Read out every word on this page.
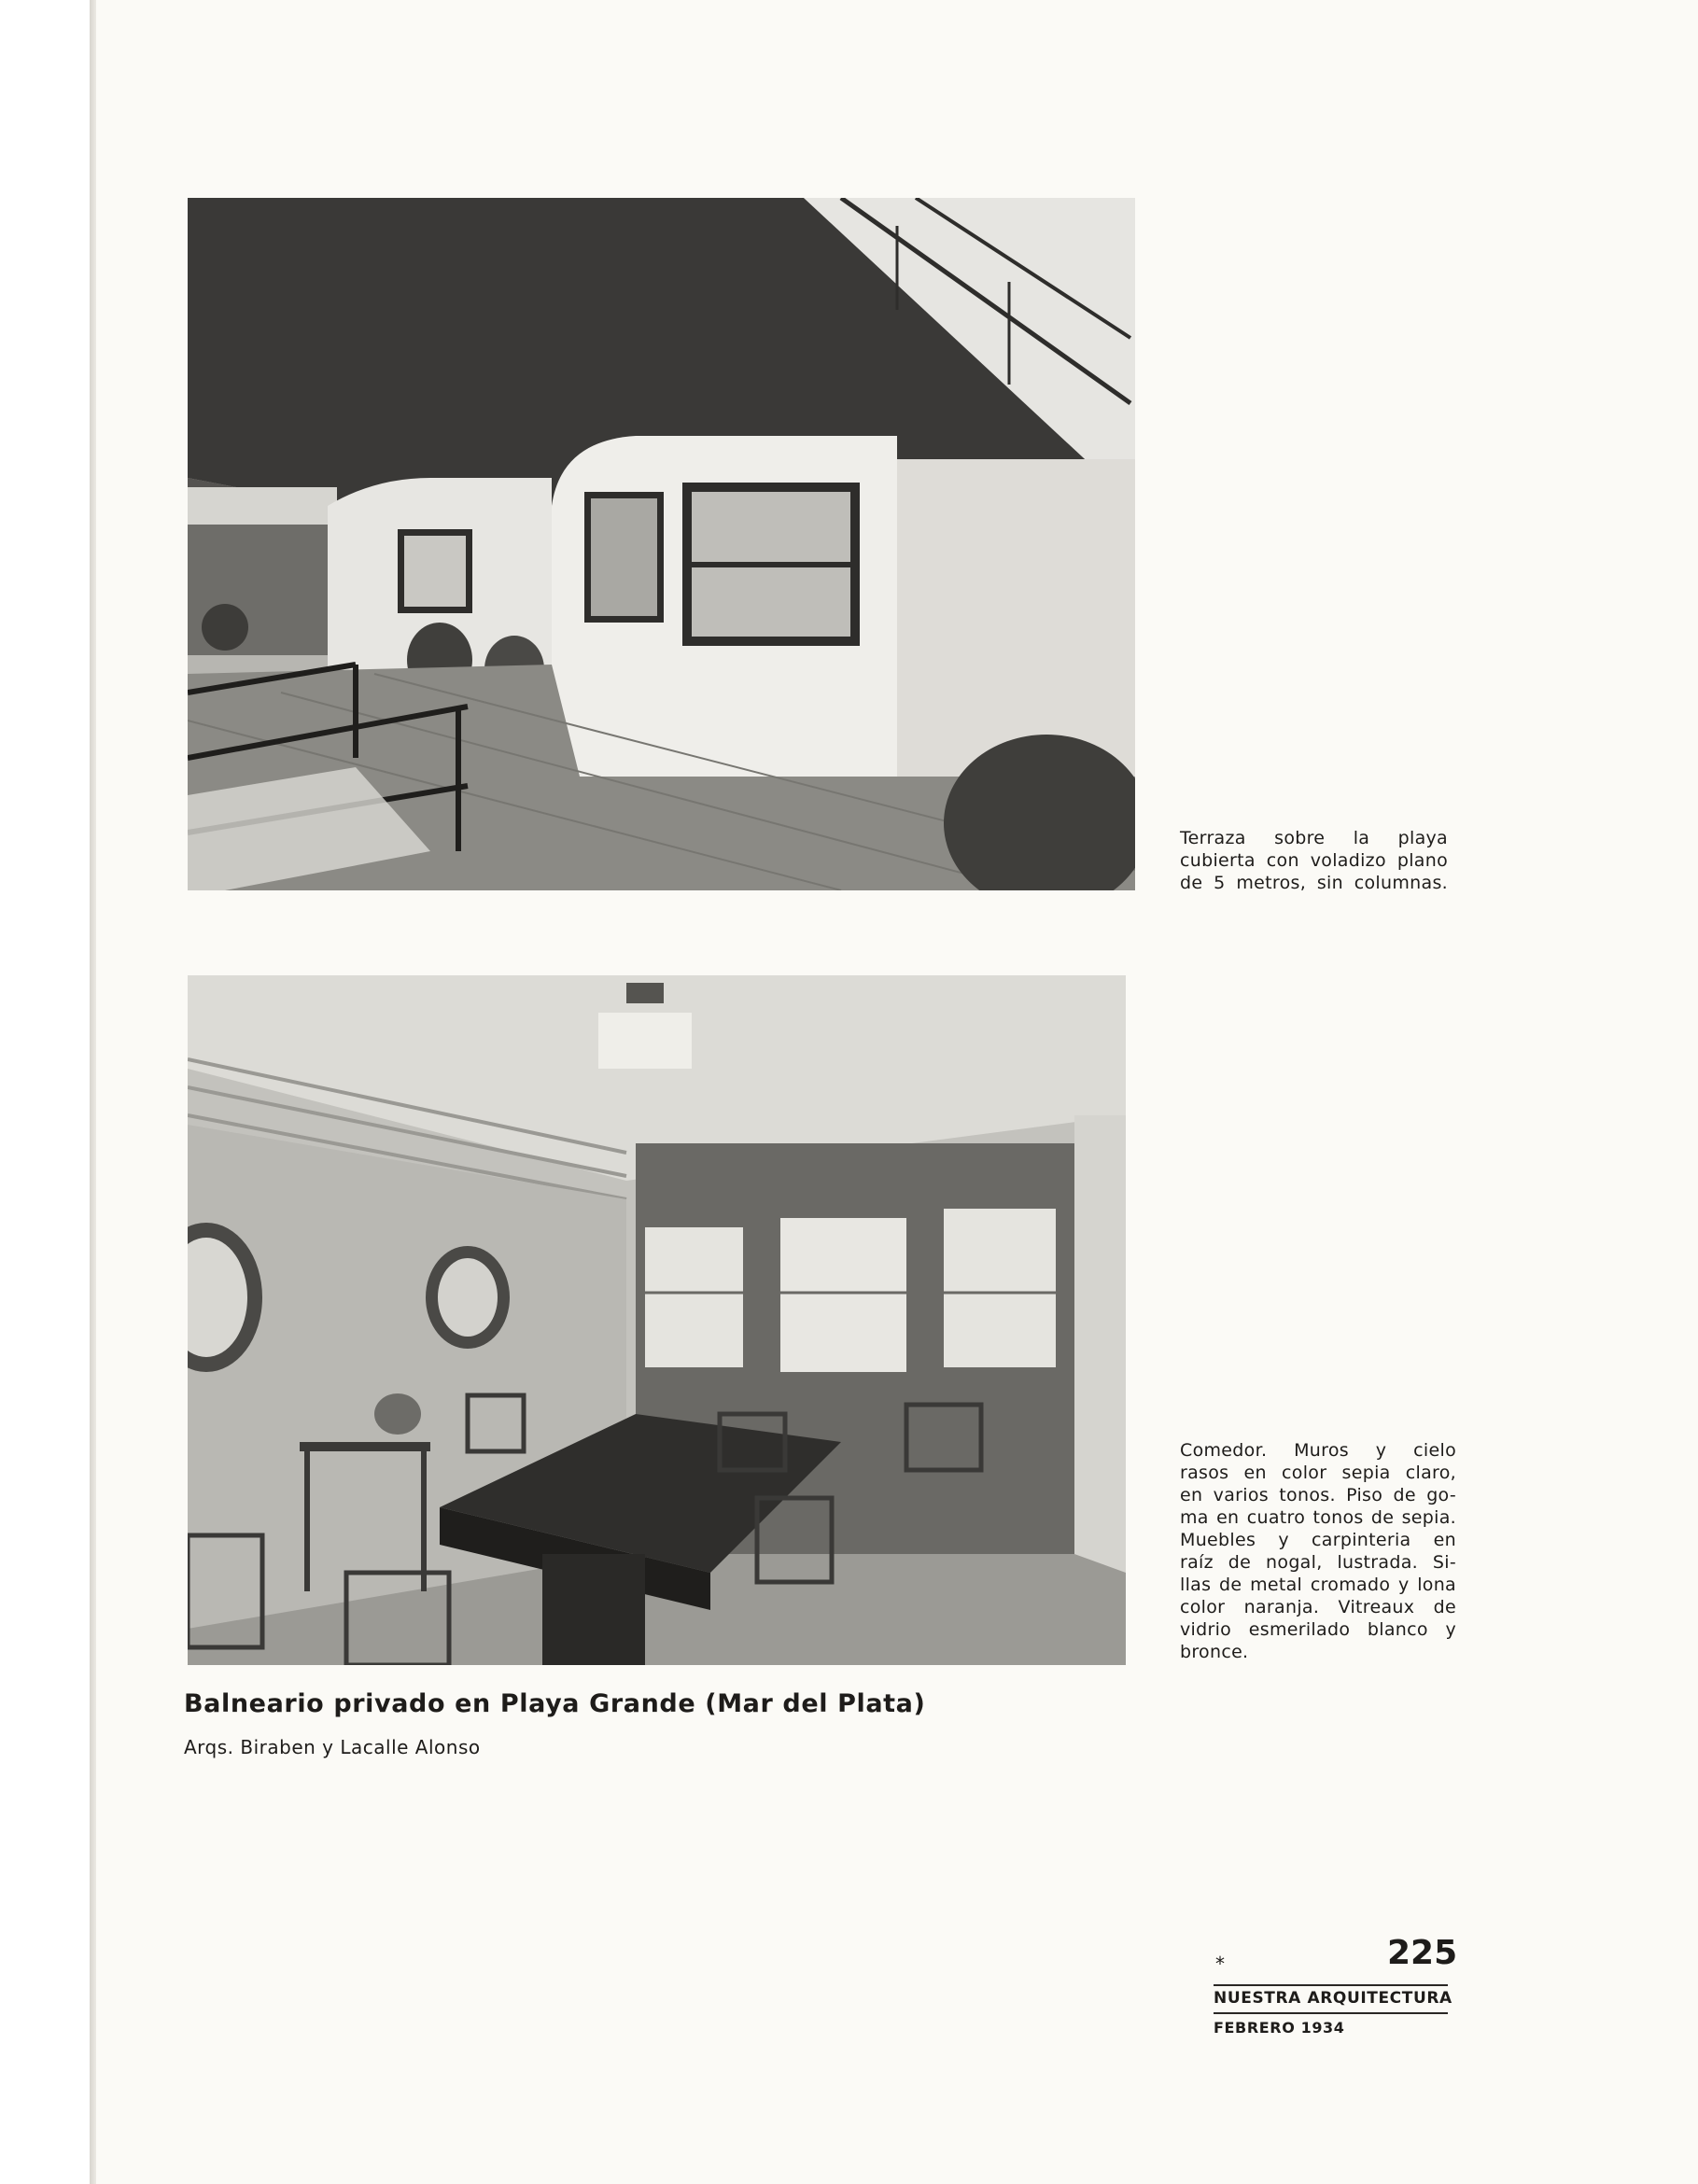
Terraza sobre la playa
cubierta con voladizo plano
de 5 metros, sin columnas.
Comedor. Muros y cielo
rasos en color sepia claro,
en varios tonos. Piso de go-
ma en cuatro tonos de sepia.
Muebles y carpinteria en
raíz de nogal, lustrada. Si-
llas de metal cromado y lona
color naranja. Vitreaux de
vidrio esmerilado blanco y
bronce.
Balneario privado en Playa Grande (Mar del Plata)
Arqs. Biraben y Lacalle Alonso
*	225
NUESTRA ARQUITECTURA
FEBRERO 1934
